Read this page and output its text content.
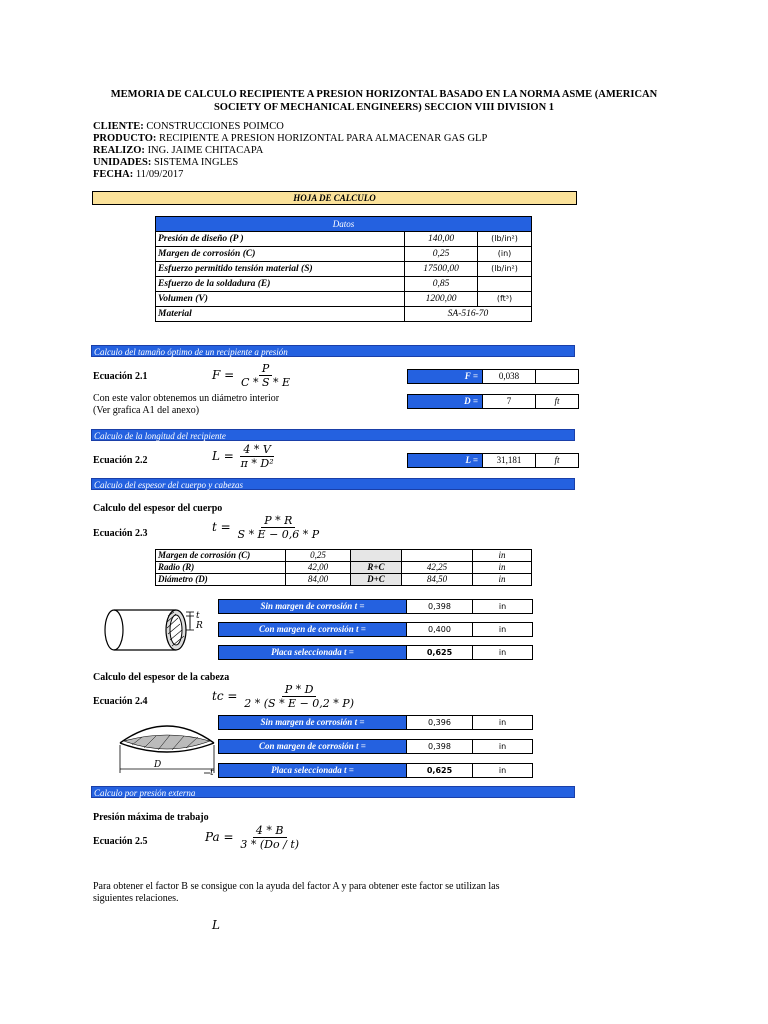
MEMORIA DE CALCULO RECIPIENTE A PRESION HORIZONTAL BASADO EN LA NORMA ASME (AMERICAN SOCIETY OF MECHANICAL ENGINEERS) SECCION VIII DIVISION 1
CLIENTE: CONSTRUCCIONES POIMCO
PRODUCTO: RECIPIENTE A PRESION HORIZONTAL PARA ALMACENAR GAS GLP
REALIZO: ING. JAIME CHITACAPA
UNIDADES: SISTEMA INGLES
FECHA: 11/09/2017
HOJA DE CALCULO
Datos		
Presión de diseño (P )	140,00	(lb/in²)
Margen de corrosión (C)	0,25	(in)
Esfuerzo permitido tensión material (S)	17500,00	(lb/in²)
Esfuerzo de la soldadura (E)	0,85	
Volumen (V)	1200,00	(ft³)
Material	SA-516-70	
Calculo del tamaño óptimo de un recipiente a presión
Ecuación 2.1	$F = \frac{P}{C * S * E}$	F =	0,038
Con este valor obtenemos un diámetro interior
(Ver grafica A1 del anexo)
D =	7	ft
Calculo de la longitud del recipiente
Ecuación 2.2	$L = \frac{4 * V}{\text{π * D²}}$	L =	31,181	ft
Calculo del espesor del cuerpo y cabezas
Calculo del espesor del cuerpo
Ecuación 2.3	$t = \frac{P * R}{S * E - 0,6 * P}$
Margen de corrosión (C)	0,25			in
Radio (R)	42,00	R+C	42,25	in
Diámetro (D)	84,00	D+C	84,50	in
t
R
Sin margen de corrosión t =	0,398	in
Con margen de corrosión t =	0,400	in
Placa seleccionada t =	0,625	in
Calculo del espesor de la cabeza
Ecuación 2.4	tc = $\frac{P * D}{2 * (S * E - 0,2 * P)}$
D
t
Sin margen de corrosión t =	0,396	in
Con margen de corrosión t =	0,398	in
Placa seleccionada t =	0,625	in
Calculo por presión externa
Presión máxima de trabajo
Ecuación 2.5	$Pa = \frac{4 * B}{3 * (Do / t)}$
Para obtener el factor B se consigue con la ayuda del factor A y para obtener este factor se utilizan las siguientes relaciones.
L
